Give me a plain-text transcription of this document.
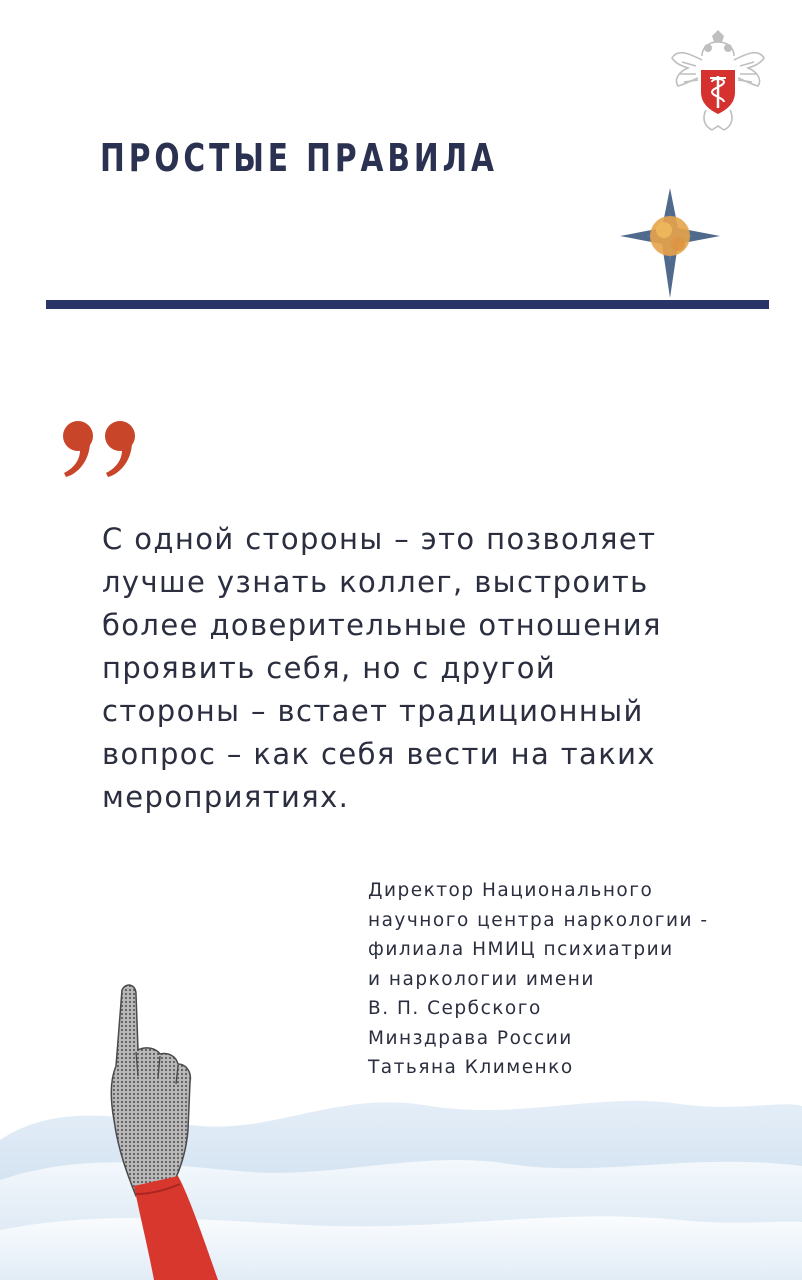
ПРОСТЫЕ ПРАВИЛА
С одной стороны – это позволяет
лучше узнать коллег, выстроить
более доверительные отношения
проявить себя, но с другой
стороны – встает традиционный
вопрос – как себя вести на таких
мероприятиях.
Директор Национального
научного центра наркологии -
филиала НМИЦ психиатрии
и наркологии имени
В. П. Сербского
Минздрава России
Татьяна Клименко
